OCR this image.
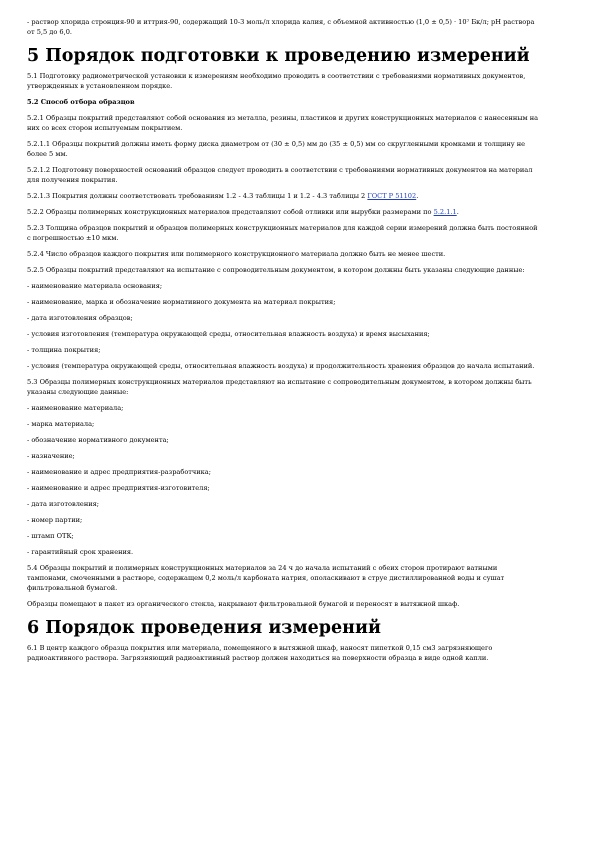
- раствор хлорида стронция-90 и иттрия-90, содержащий 10-3 моль/л хлорида калия, с объемной активностью (1,0 ± 0,5) · 10⁷ Бк/л; рН раствора от 5,5 до 6,0.

5 Порядок подготовки к проведению измерений

5.1 Подготовку радиометрической установки к измерениям необходимо проводить в соответствии с требованиями нормативных документов, утвержденных в установленном порядке.

5.2 Способ отбора образцов

5.2.1 Образцы покрытий представляют собой основания из металла, резины, пластиков и других конструкционных материалов с нанесенным на них со всех сторон испытуемым покрытием.

5.2.1.1 Образцы покрытий должны иметь форму диска диаметром от (30 ± 0,5) мм до (35 ± 0,5) мм со скругленными кромками и толщину не более 5 мм.

5.2.1.2 Подготовку поверхностей оснований образцов следует проводить в соответствии с требованиями нормативных документов на материал для получения покрытия.

5.2.1.3 Покрытия должны соответствовать требованиям 1.2 - 4.3 таблицы 1 и 1.2 - 4.3 таблицы 2 ГОСТ Р 51102.

5.2.2 Образцы полимерных конструкционных материалов представляют собой отливки или вырубки размерами по 5.2.1.1.

5.2.3 Толщина образцов покрытий и образцов полимерных конструкционных материалов для каждой серии измерений должна быть постоянной с погрешностью ±10 мкм.

5.2.4 Число образцов каждого покрытия или полимерного конструкционного материала должно быть не менее шести.

5.2.5 Образцы покрытий представляют на испытание с сопроводительным документом, в котором должны быть указаны следующие данные:

- наименование материала основания;

- наименование, марка и обозначение нормативного документа на материал покрытия;

- дата изготовления образцов;

- условия изготовления (температура окружающей среды, относительная влажность воздуха) и время высыхания;

- толщина покрытия;

- условия (температура окружающей среды, относительная влажность воздуха) и продолжительность хранения образцов до начала испытаний.

5.3 Образцы полимерных конструкционных материалов представляют на испытание с сопроводительным документом, в котором должны быть указаны следующие данные:

- наименование материала;

- марка материала;

- обозначение нормативного документа;

- назначение;

- наименование и адрес предприятия-разработчика;

- наименование и адрес предприятия-изготовителя;

- дата изготовления;

- номер партии;

- штамп ОТК;

- гарантийный срок хранения.

5.4 Образцы покрытий и полимерных конструкционных материалов за 24 ч до начала испытаний с обеих сторон протирают ватными тампонами, смоченными в растворе, содержащем 0,2 моль/л карбоната натрия, ополаскивают в струе дистиллированной воды и сушат фильтровальной бумагой.

Образцы помещают в пакет из органического стекла, накрывают фильтровальной бумагой и переносят в вытяжной шкаф.

6 Порядок проведения измерений

6.1 В центр каждого образца покрытия или материала, помещенного в вытяжной шкаф, наносят пипеткой 0,15 см3 загрязняющего радиоактивного раствора. Загрязняющий радиоактивный раствор должен находиться на поверхности образца в виде одной капли.
